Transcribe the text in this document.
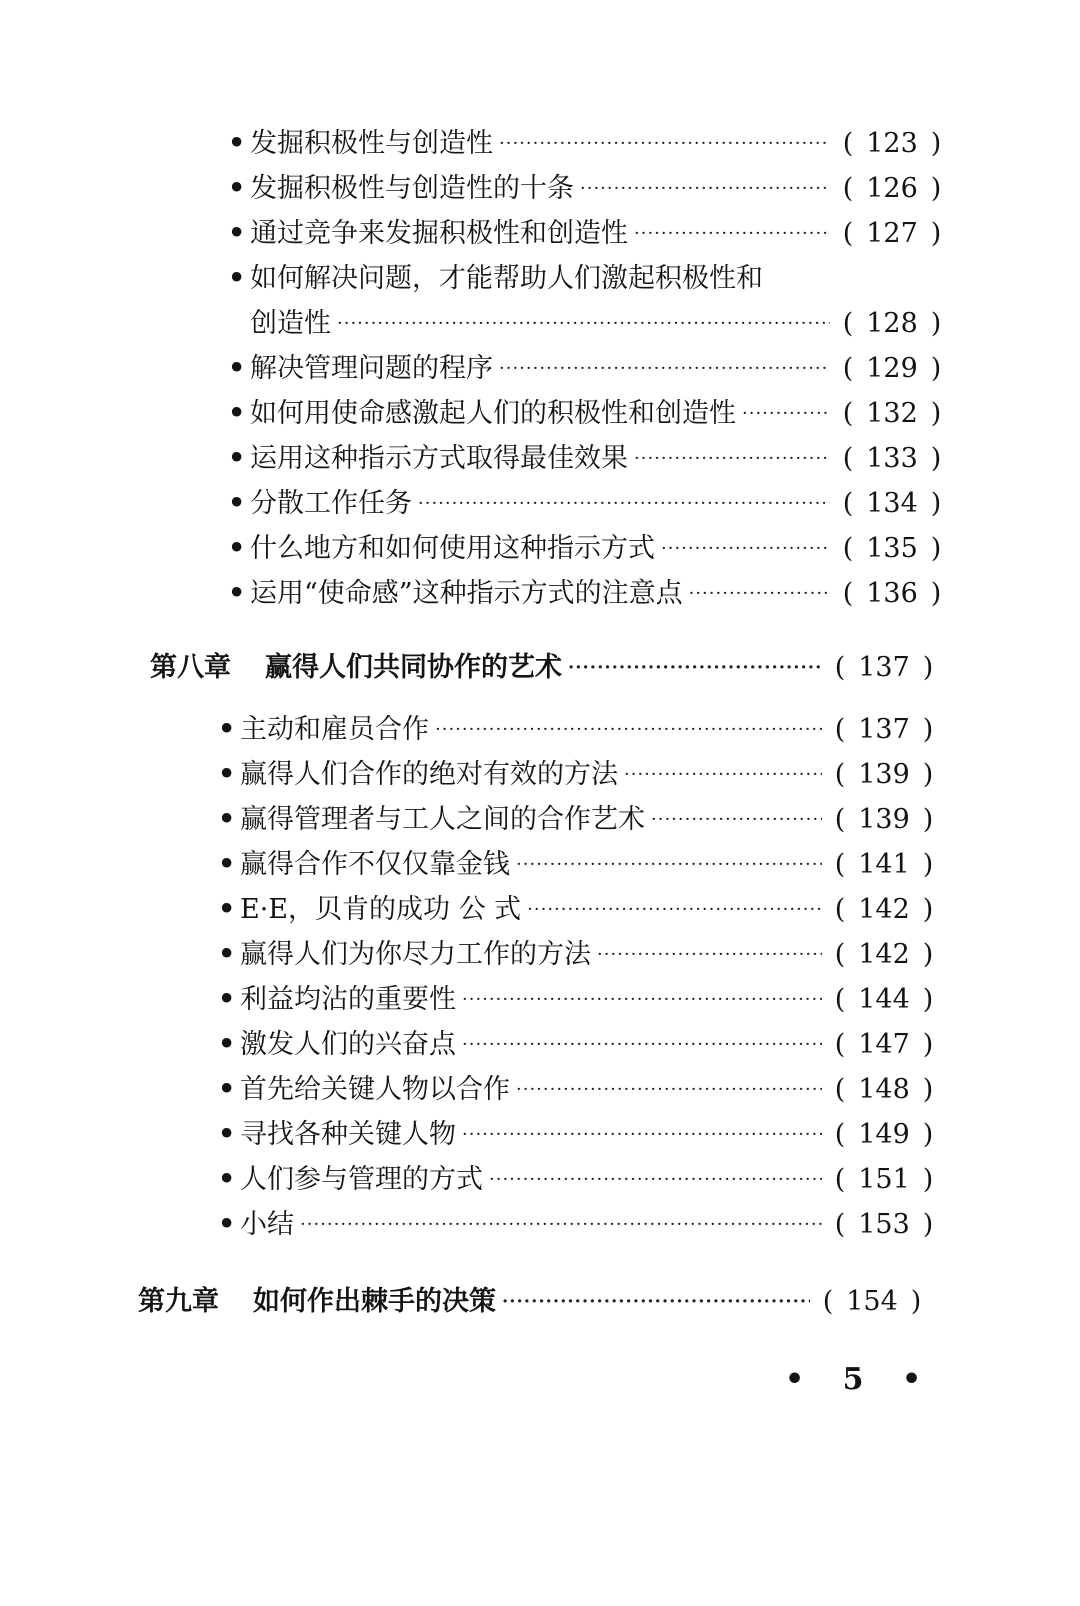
• 发掘积极性与创造性 ·····	( 123 )
• 发掘积极性与创造性的十条 ·····	( 126 )
• 通过竞争来发掘积极性和创造性 ·····	( 127 )
• 如何解决问题，才能帮助人们激起积极性和
创造性 ·····	( 128 )
• 解决管理问题的程序 ·····	( 129 )
• 如何用使命感激起人们的积极性和创造性 ·····	( 132 )
• 运用这种指示方式取得最佳效果 ·····	( 133 )
• 分散工作任务 ·····	( 134 )
• 什么地方和如何使用这种指示方式 ·····	( 135 )
• 运用“使命感”这种指示方式的注意点 ·····	( 136 )
第八章 赢得人们共同协作的艺术 ·····	( 137 )
• 主动和雇员合作 ·····	( 137 )
• 赢得人们合作的绝对有效的方法 ·····	( 139 )
• 赢得管理者与工人之间的合作艺术 ·····	( 139 )
• 赢得合作不仅仅靠金钱 ·····	( 141 )
• E·E，贝肯的成功 公 式 ·····	( 142 )
• 赢得人们为你尽力工作的方法 ·····	( 142 )
• 利益均沾的重要性 ·····	( 144 )
• 激发人们的兴奋点 ·····	( 147 )
• 首先给关键人物以合作 ·····	( 148 )
• 寻找各种关键人物 ·····	( 149 )
• 人们参与管理的方式 ·····	( 151 )
• 小结 ·····	( 153 )
第九章 如何作出棘手的决策 ·····	( 154 )
• 5 •
